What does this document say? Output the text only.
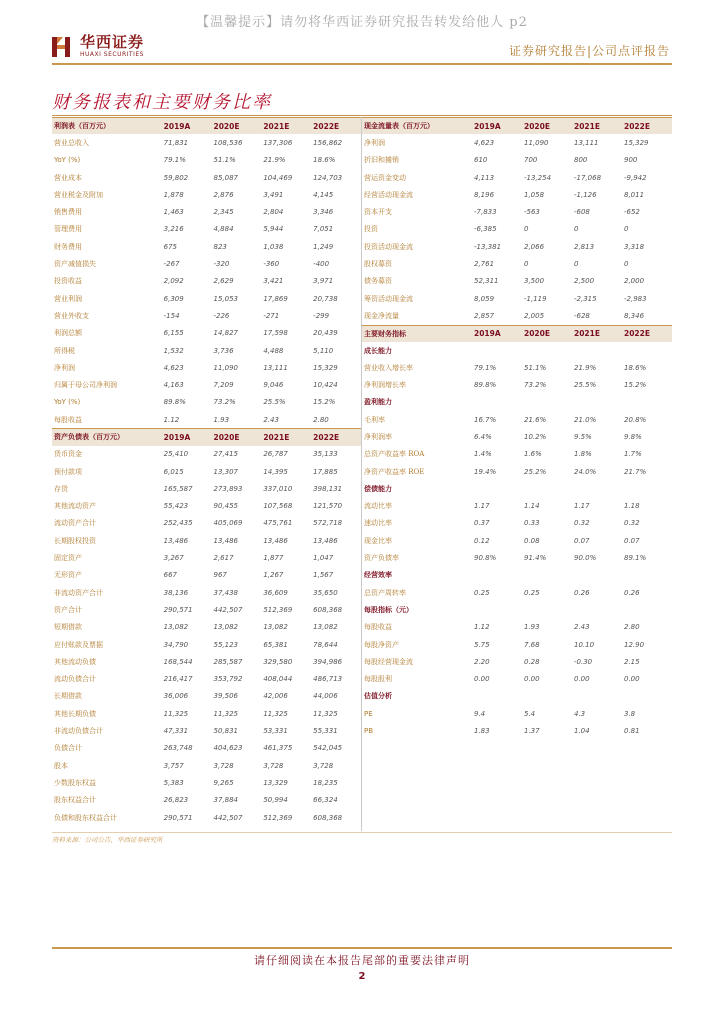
【温馨提示】请勿将华西证券研究报告转发给他人 p2
华西证券
HUAXI SECURITIES	证券研究报告|公司点评报告
财务报表和主要财务比率
利润表（百万元）	2019A	2020E	2021E	2022E
营业总收入	71,831	108,536	137,306	156,862
YoY (%)	79.1%	51.1%	21.9%	18.6%
营业成本	59,802	85,087	104,469	124,703
营业税金及附加	1,878	2,876	3,491	4,145
销售费用	1,463	2,345	2,804	3,346
管理费用	3,216	4,884	5,944	7,051
财务费用	675	823	1,038	1,249
资产减值损失	-267	-320	-360	-400
投资收益	2,092	2,629	3,421	3,971
营业利润	6,309	15,053	17,869	20,738
营业外收支	-154	-226	-271	-299
利润总额	6,155	14,827	17,598	20,439
所得税	1,532	3,736	4,488	5,110
净利润	4,623	11,090	13,111	15,329
归属于母公司净利润	4,163	7,209	9,046	10,424
YoY (%)	89.8%	73.2%	25.5%	15.2%
每股收益	1.12	1.93	2.43	2.80
资产负债表（百万元）	2019A	2020E	2021E	2022E
货币资金	25,410	27,415	26,787	35,133
预付款项	6,015	13,307	14,395	17,885
存货	165,587	273,893	337,010	398,131
其他流动资产	55,423	90,455	107,568	121,570
流动资产合计	252,435	405,069	475,761	572,718
长期股权投资	13,486	13,486	13,486	13,486
固定资产	3,267	2,617	1,877	1,047
无形资产	667	967	1,267	1,567
非流动资产合计	38,136	37,438	36,609	35,650
资产合计	290,571	442,507	512,369	608,368
短期借款	13,082	13,082	13,082	13,082
应付账款及票据	34,790	55,123	65,381	78,644
其他流动负债	168,544	285,587	329,580	394,986
流动负债合计	216,417	353,792	408,044	486,713
长期借款	36,006	39,506	42,006	44,006
其他长期负债	11,325	11,325	11,325	11,325
非流动负债合计	47,331	50,831	53,331	55,331
负债合计	263,748	404,623	461,375	542,045
股本	3,757	3,728	3,728	3,728
少数股东权益	5,383	9,265	13,329	18,235
股东权益合计	26,823	37,884	50,994	66,324
负债和股东权益合计	290,571	442,507	512,369	608,368
现金流量表（百万元）	2019A	2020E	2021E	2022E
净利润	4,623	11,090	13,111	15,329
折旧和摊销	610	700	800	900
营运资金变动	4,113	-13,254	-17,068	-9,942
经营活动现金流	8,196	1,058	-1,126	8,011
资本开支	-7,833	-563	-608	-652
投资	-6,385	0	0	0
投资活动现金流	-13,381	2,066	2,813	3,318
股权募资	2,761	0	0	0
债务募资	52,311	3,500	2,500	2,000
筹资活动现金流	8,059	-1,119	-2,315	-2,983
现金净流量	2,857	2,005	-628	8,346
主要财务指标	2019A	2020E	2021E	2022E
成长能力
营业收入增长率	79.1%	51.1%	21.9%	18.6%
净利润增长率	89.8%	73.2%	25.5%	15.2%
盈利能力
毛利率	16.7%	21.6%	21.0%	20.8%
净利润率	6.4%	10.2%	9.5%	9.8%
总资产收益率 ROA	1.4%	1.6%	1.8%	1.7%
净资产收益率 ROE	19.4%	25.2%	24.0%	21.7%
偿债能力
流动比率	1.17	1.14	1.17	1.18
速动比率	0.37	0.33	0.32	0.32
现金比率	0.12	0.08	0.07	0.07
资产负债率	90.8%	91.4%	90.0%	89.1%
经营效率
总资产周转率	0.25	0.25	0.26	0.26
每股指标（元）
每股收益	1.12	1.93	2.43	2.80
每股净资产	5.75	7.68	10.10	12.90
每股经营现金流	2.20	0.28	-0.30	2.15
每股股利	0.00	0.00	0.00	0.00
估值分析
PE	9.4	5.4	4.3	3.8
PB	1.83	1.37	1.04	0.81
资料来源：公司公告，华西证券研究所
请仔细阅读在本报告尾部的重要法律声明
2
